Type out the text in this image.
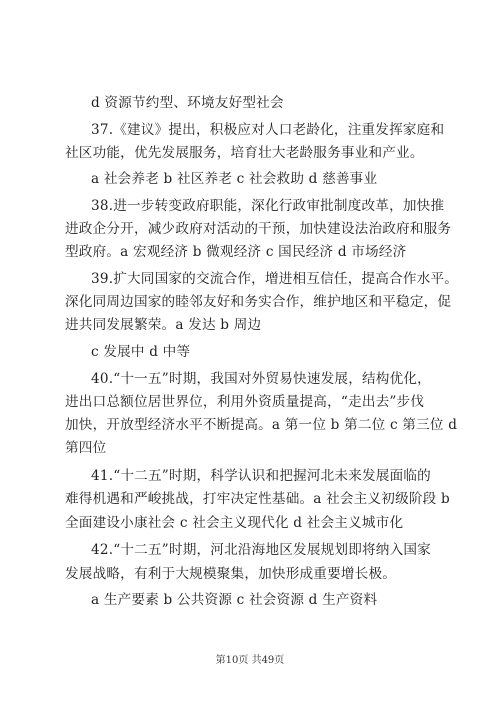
d 资源节约型、环境友好型社会
37.《建议》提出，积极应对人口老龄化，注重发挥家庭和
社区功能，优先发展服务，培育壮大老龄服务事业和产业。
a 社会养老 b 社区养老 c 社会救助 d 慈善事业
38.进一步转变政府职能，深化行政审批制度改革，加快推
进政企分开，减少政府对活动的干预，加快建设法治政府和服务
型政府。a 宏观经济 b 微观经济 c 国民经济 d 市场经济
39.扩大同国家的交流合作，增进相互信任，提高合作水平。
深化同周边国家的睦邻友好和务实合作，维护地区和平稳定，促
进共同发展繁荣。a 发达 b 周边
c 发展中 d 中等
40.“十一五”时期，我国对外贸易快速发展，结构优化，
进出口总额位居世界位，利用外资质量提高，“走出去”步伐
加快，开放型经济水平不断提高。a 第一位 b 第二位 c 第三位 d
第四位
41.“十二五”时期，科学认识和把握河北未来发展面临的
难得机遇和严峻挑战，打牢决定性基础。a 社会主义初级阶段 b
全面建设小康社会 c 社会主义现代化 d 社会主义城市化
42.“十二五”时期，河北沿海地区发展规划即将纳入国家
发展战略，有利于大规模聚集，加快形成重要增长极。
a 生产要素 b 公共资源 c 社会资源 d 生产资料
第10页 共49页
